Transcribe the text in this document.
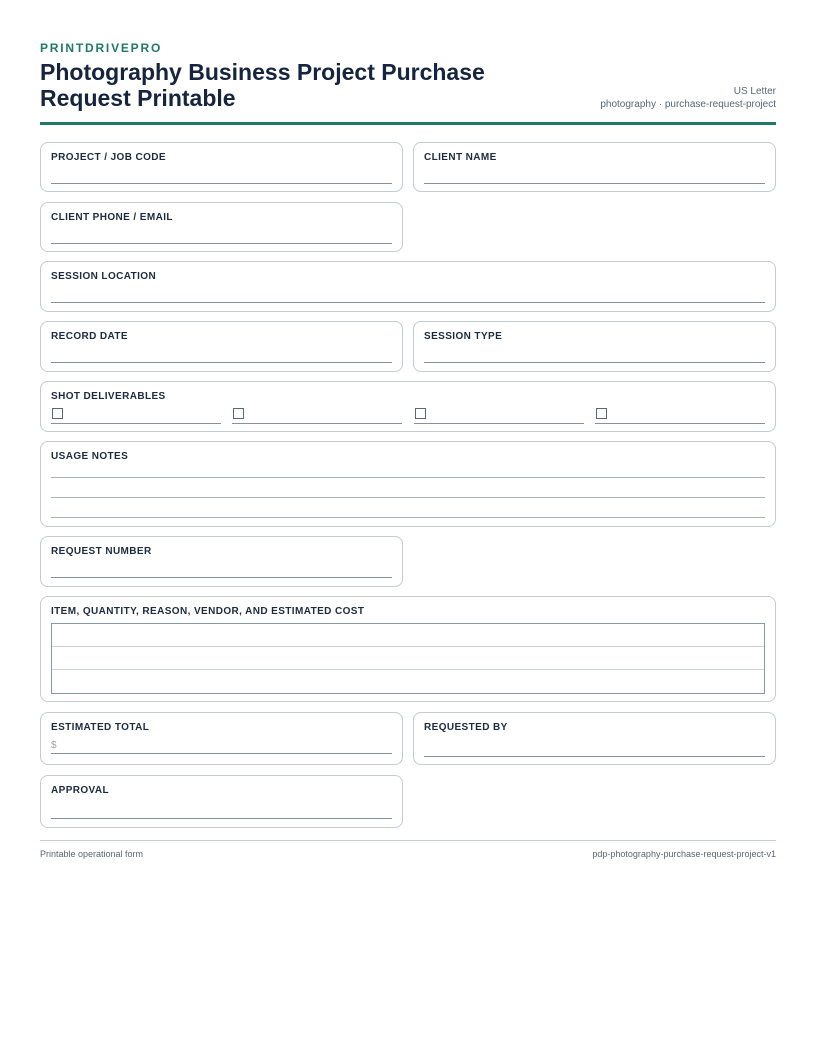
PRINTDRIVEPRO
Photography Business Project Purchase Request Printable	US Letter
photography · purchase-request-project
PROJECT / JOB CODE	CLIENT NAME
CLIENT PHONE / EMAIL
SESSION LOCATION
RECORD DATE	SESSION TYPE
SHOT DELIVERABLES
USAGE NOTES
REQUEST NUMBER
ITEM, QUANTITY, REASON, VENDOR, AND ESTIMATED COST
ESTIMATED TOTAL
$
REQUESTED BY
APPROVAL
Printable operational form	pdp-photography-purchase-request-project-v1
